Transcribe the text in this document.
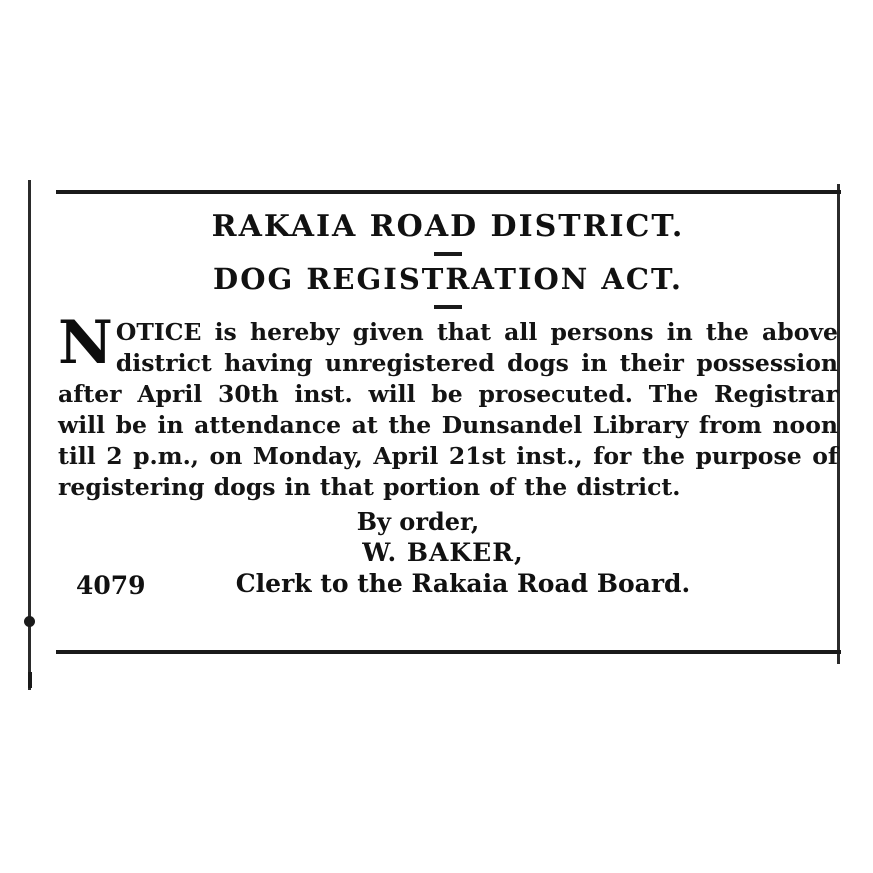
RAKAIA ROAD DISTRICT.
DOG REGISTRATION ACT.

NOTICE is hereby given that all persons in the above district having unregistered dogs in their possession after April 30th inst. will be prosecuted. The Registrar will be in attendance at the Dunsandel Library from noon till 2 p.m., on Monday, April 21st inst., for the purpose of registering dogs in that portion of the district.

By order,
W. BAKER,
4079	Clerk to the Rakaia Road Board.
